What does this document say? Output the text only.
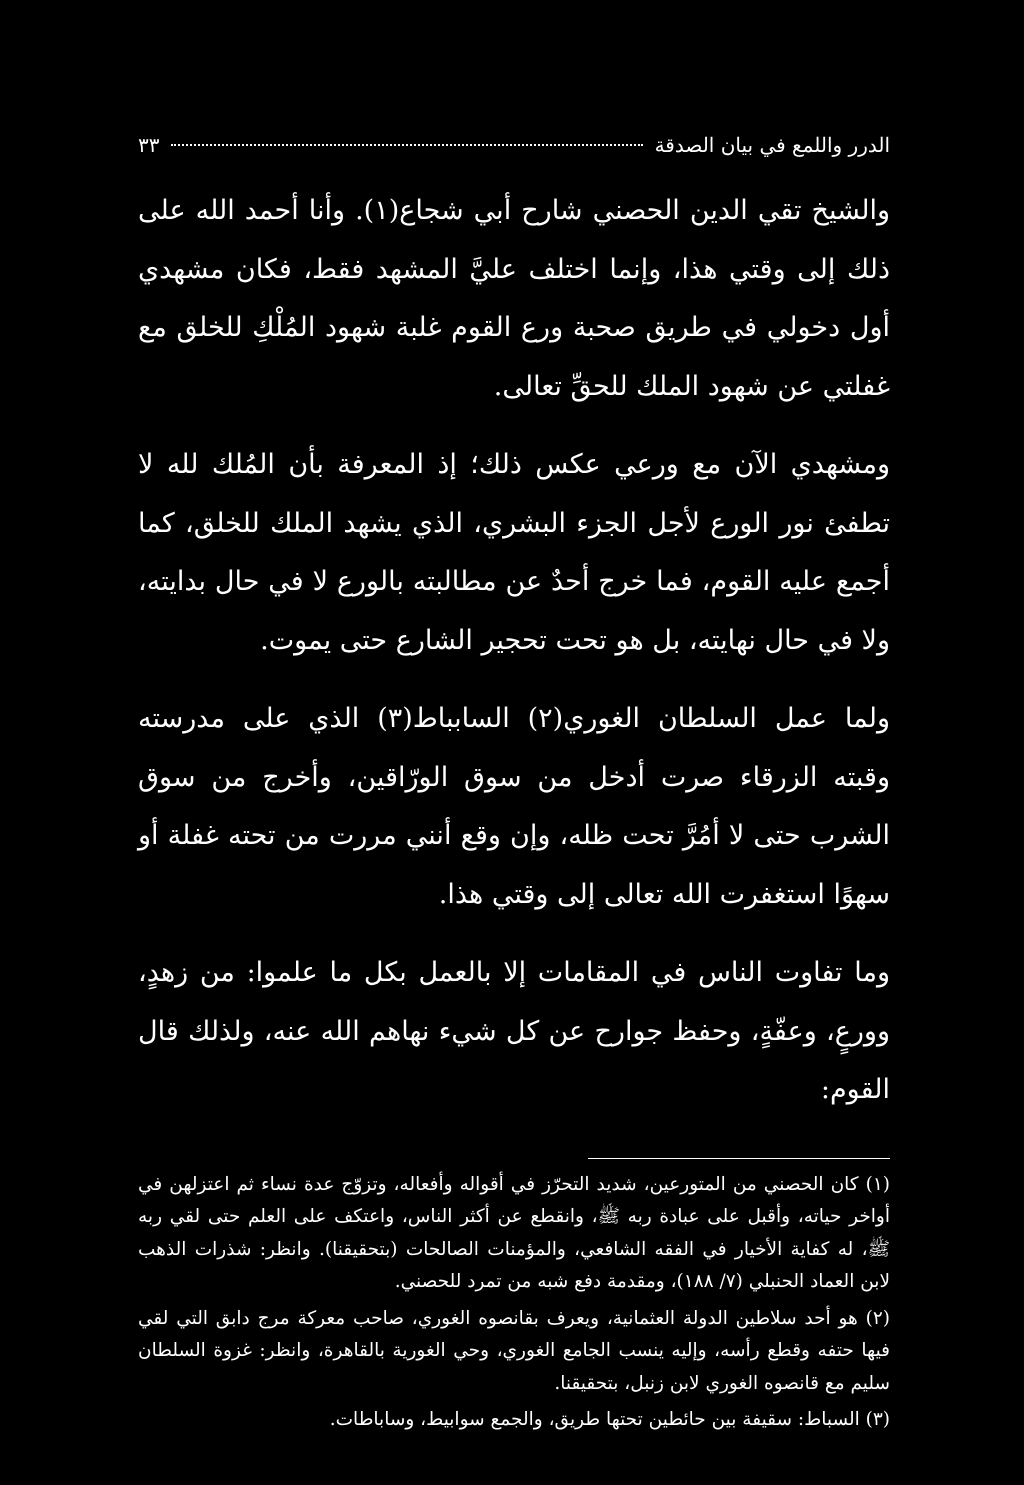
الدرر واللمع في بيان الصدقة
٣٣

والشيخ تقي الدين الحصني شارح أبي شجاع(١). وأنا أحمد الله على ذلك إلى وقتي هذا، وإنما اختلف عليَّ المشهد فقط، فكان مشهدي أول دخولي في طريق صحبة ورع القوم غلبة شهود المُلْكِ للخلق مع غفلتي عن شهود الملك للحقِّ تعالى.

ومشهدي الآن مع ورعي عكس ذلك؛ إذ المعرفة بأن المُلك لله لا تطفئ نور الورع لأجل الجزء البشري، الذي يشهد الملك للخلق، كما أجمع عليه القوم، فما خرج أحدٌ عن مطالبته بالورع لا في حال بدايته، ولا في حال نهايته، بل هو تحت تحجير الشارع حتى يموت.

ولما عمل السلطان الغوري(٢) السابباط(٣) الذي على مدرسته وقبته الزرقاء صرت أدخل من سوق الورّاقين، وأخرج من سوق الشرب حتى لا أمُرَّ تحت ظله، وإن وقع أنني مررت من تحته غفلة أو سهوًا استغفرت الله تعالى إلى وقتي هذا.

وما تفاوت الناس في المقامات إلا بالعمل بكل ما علموا: من زهدٍ، وورعٍ، وعفّةٍ، وحفظ جوارح عن كل شيء نهاهم الله عنه، ولذلك قال القوم:

(١) كان الحصني من المتورعين، شديد التحرّز في أقواله وأفعاله، وتزوّج عدة نساء ثم اعتزلهن في أواخر حياته، وأقبل على عبادة ربه ﷺ، وانقطع عن أكثر الناس، واعتكف على العلم حتى لقي ربه ﷺ، له كفاية الأخيار في الفقه الشافعي، والمؤمنات الصالحات (بتحقيقنا). وانظر: شذرات الذهب لابن العماد الحنبلي (٧/ ١٨٨)، ومقدمة دفع شبه من تمرد للحصني.

(٢) هو أحد سلاطين الدولة العثمانية، ويعرف بقانصوه الغوري، صاحب معركة مرج دابق التي لقي فيها حتفه وقطع رأسه، وإليه ينسب الجامع الغوري، وحي الغورية بالقاهرة، وانظر: غزوة السلطان سليم مع قانصوه الغوري لابن زنبل، بتحقيقنا.

(٣) السباط: سقيفة بين حائطين تحتها طريق، والجمع سوابيط، وساباطات.
